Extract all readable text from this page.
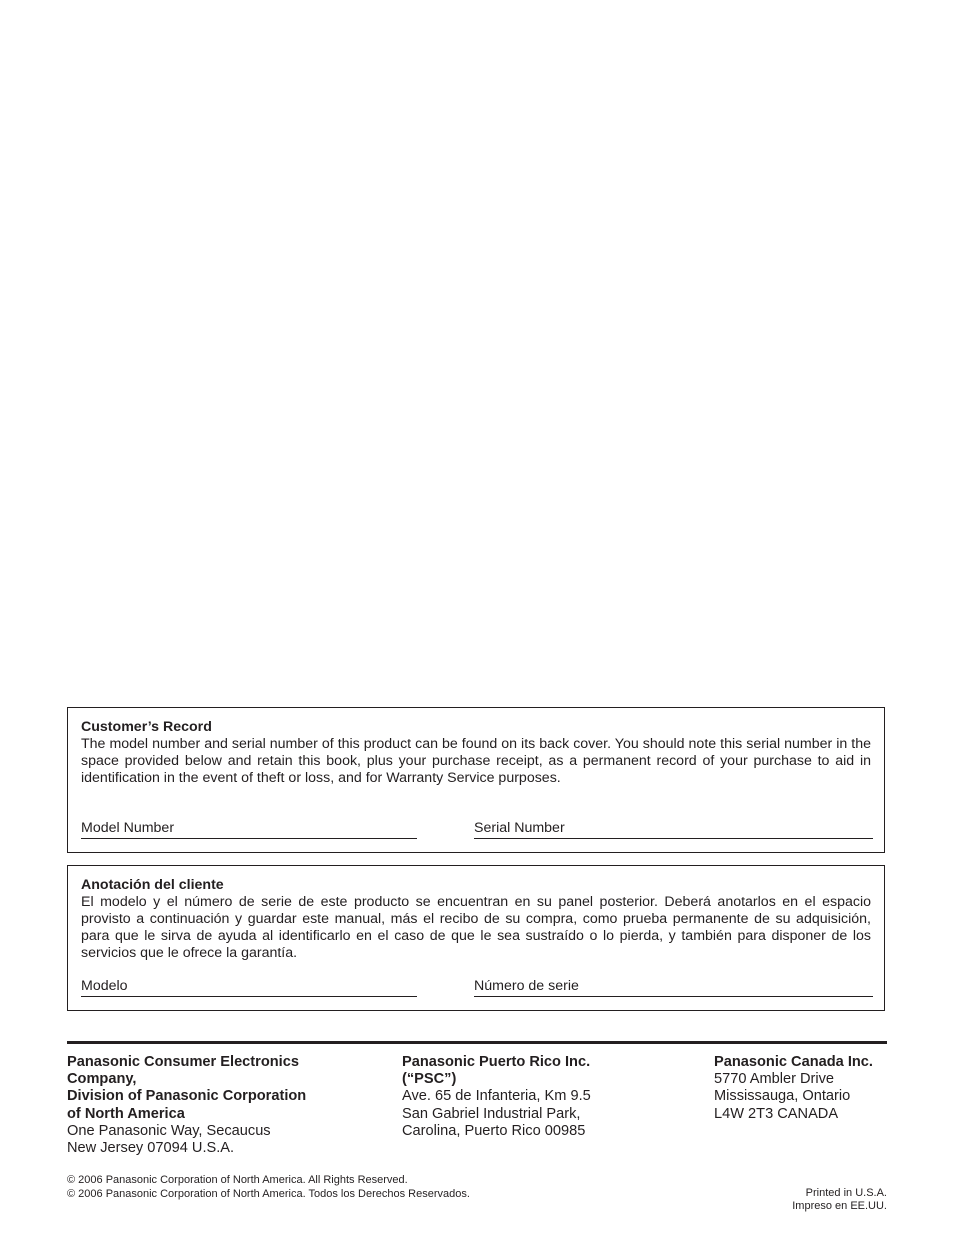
Customer’s Record

The model number and serial number of this product can be found on its back cover. You should note this serial number in the space provided below and retain this book, plus your purchase receipt, as a permanent record of your purchase to aid in identification in the event of theft or loss, and for Warranty Service purposes.

Model Number	Serial Number
Anotación del cliente

El modelo y el número de serie de este producto se encuentran en su panel posterior. Deberá anotarlos en el espacio provisto a continuación y guardar este manual, más el recibo de su compra, como prueba permanente de su adquisición, para que le sirva de ayuda al identificarlo en el caso de que le sea sustraído o lo pierda, y también para disponer de los servicios que le ofrece la garantía.

Modelo	Número de serie
Panasonic Consumer Electronics
Company,
Division of Panasonic Corporation
of North America
One Panasonic Way, Secaucus
New Jersey 07094 U.S.A.
Panasonic Puerto Rico Inc.
(“PSC”)
Ave. 65 de Infanteria, Km 9.5
San Gabriel Industrial Park,
Carolina, Puerto Rico 00985
Panasonic Canada Inc.
5770 Ambler Drive
Mississauga, Ontario
L4W 2T3 CANADA
© 2006 Panasonic Corporation of North America. All Rights Reserved.
© 2006 Panasonic Corporation of North America. Todos los Derechos Reservados.	Printed in U.S.A.
Impreso en EE.UU.
